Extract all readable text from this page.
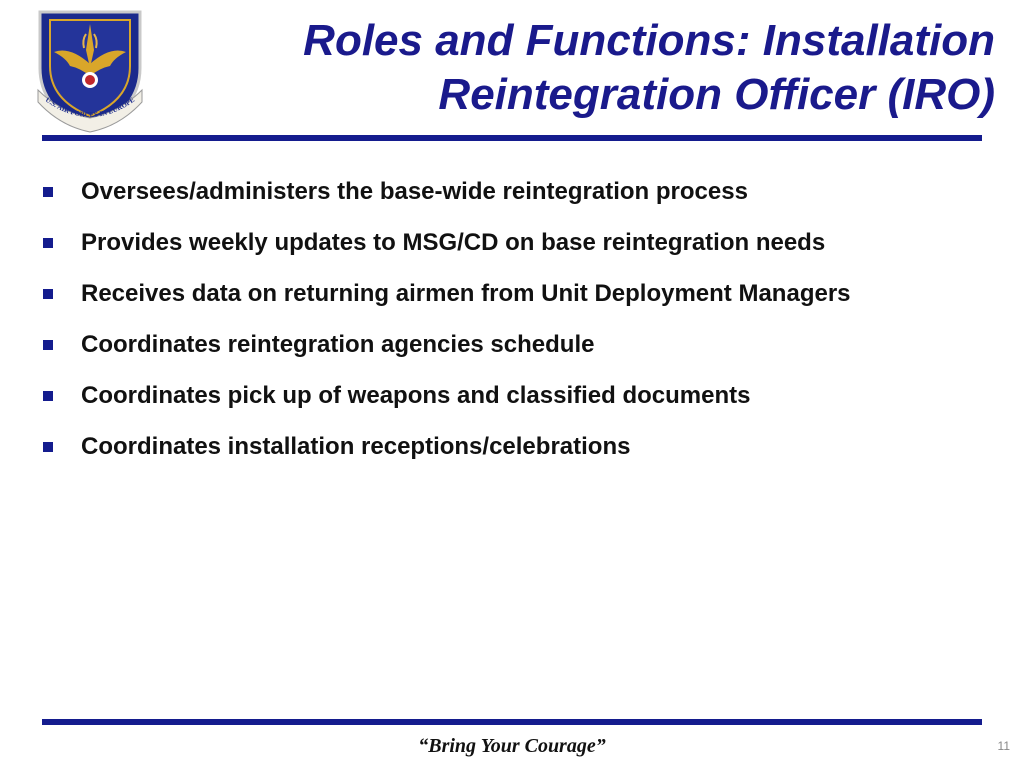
U.S. AIR FORCES IN EUROPE
Roles and Functions: Installation
Reintegration Officer (IRO)
Oversees/administers the base-wide reintegration process
Provides weekly updates to MSG/CD on base reintegration needs
Receives data on returning airmen from Unit Deployment Managers
Coordinates reintegration agencies schedule
Coordinates pick up of weapons and classified documents
Coordinates installation receptions/celebrations
“Bring Your Courage”	11
